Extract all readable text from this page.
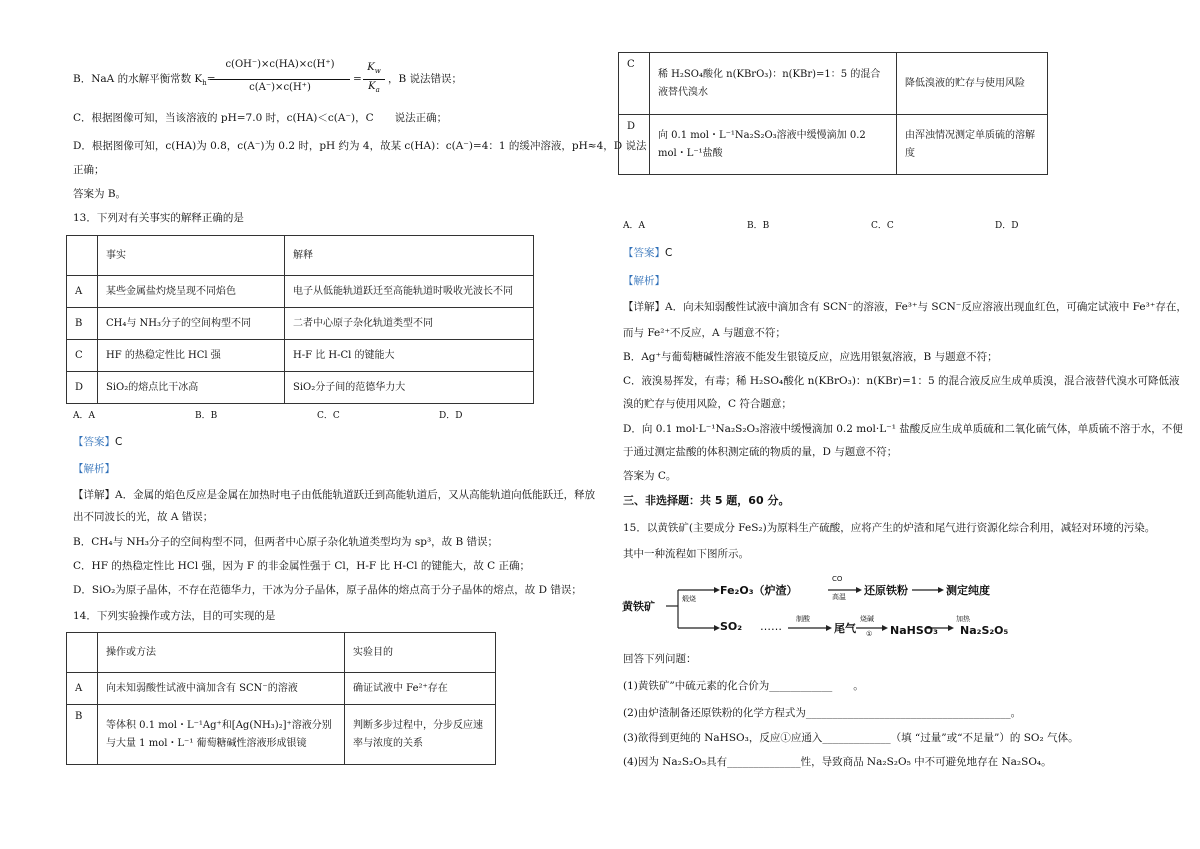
B．NaA 的水解平衡常数 $K_h=$
c(OH⁻)×c(HA)×c(H⁺)
c(A⁻)×c(H⁺)
=
$K_w$
$K_a$
，B 说法错误；
C．根据图像可知，当该溶液的 pH=7.0 时，c(HA)＜c(A⁻)，C　　说法正确；
D．根据图像可知，c(HA)为 0.8，c(A⁻)为 0.2 时，pH 约为 4，故某 c(HA)：c(A⁻)=4：1 的缓冲溶液，pH≈4，D 说法
正确；
答案为 B。
13．下列对有关事实的解释正确的是
	事实	解释
A	某些金属盐灼烧呈现不同焰色	电子从低能轨道跃迁至高能轨道时吸收光波长不同
B	CH₄与 NH₃分子的空间构型不同	二者中心原子杂化轨道类型不同
C	HF 的热稳定性比 HCl 强	H-F 比 H-Cl 的键能大
D	SiO₂的熔点比干冰高	SiO₂分子间的范德华力大
A．A	B．B	C．C	D．D
【答案】C
【解析】
【详解】A．金属的焰色反应是金属在加热时电子由低能轨道跃迁到高能轨道后，又从高能轨道向低能跃迁，释放
出不同波长的光，故 A 错误；
B．CH₄与 NH₃分子的空间构型不同，但两者中心原子杂化轨道类型均为 sp³，故 B 错误；
C．HF 的热稳定性比 HCl 强，因为 F 的非金属性强于 Cl，H-F 比 H-Cl 的键能大，故 C 正确；
D．SiO₂为原子晶体，不存在范德华力，干冰为分子晶体，原子晶体的熔点高于分子晶体的熔点，故 D 错误；
14．下列实验操作或方法，目的可实现的是
	操作或方法	实验目的
A	向未知弱酸性试液中滴加含有 SCN⁻的溶液	确证试液中 Fe²⁺存在
B	等体积 0.1 mol・L⁻¹Ag⁺和[Ag(NH₃)₂]⁺溶液分别与大量 1 mol・L⁻¹ 葡萄糖碱性溶液形成银镜	判断多步过程中，分步反应速率与浓度的关系
C	稀 H₂SO₄酸化 n(KBrO₃)：n(KBr)=1：5 的混合液替代溴水	降低溴液的贮存与使用风险
D	向 0.1 mol・L⁻¹Na₂S₂O₃溶液中缓慢滴加 0.2 mol・L⁻¹盐酸	由浑浊情况测定单质硫的溶解度
A．A	B．B	C．C	D．D
【答案】C
【解析】
【详解】A．向未知弱酸性试液中滴加含有 SCN⁻的溶液，Fe³⁺与 SCN⁻反应溶液出现血红色，可确定试液中 Fe³⁺存在，
而与 Fe²⁺不反应，A 与题意不符；
B．Ag⁺与葡萄糖碱性溶液不能发生银镜反应，应选用银氨溶液，B 与题意不符；
C．液溴易挥发，有毒；稀 H₂SO₄酸化 n(KBrO₃)：n(KBr)=1：5 的混合液反应生成单质溴，混合液替代溴水可降低液
溴的贮存与使用风险，C 符合题意；
D．向 0.1 mol·L⁻¹Na₂S₂O₃溶液中缓慢滴加 0.2 mol·L⁻¹ 盐酸反应生成单质硫和二氧化硫气体，单质硫不溶于水，不便
于通过测定盐酸的体积测定硫的物质的量，D 与题意不符；
答案为 C。
三、非选择题：共 5 题，60 分。
15．以黄铁矿(主要成分 FeS₂)为原料生产硫酸，应将产生的炉渣和尾气进行资源化综合利用，减轻对环境的污染。
其中一种流程如下图所示。
黄铁矿
煅烧
Fe₂O₃（炉渣）
CO
高温 还原铁粉	测定纯度
SO₂ ……
制酸
尾气
烧碱
① NaHSO₃
加热
Na₂S₂O₅
回答下列问题：
(1)黄铁矿”中硫元素的化合价为____________　　。
(2)由炉渣制备还原铁粉的化学方程式为_______________________________________。
(3)欲得到更纯的 NaHSO₃，反应①应通入_____________（填 “过量”或“不足量”）的 SO₂ 气体。
(4)因为 Na₂S₂O₅具有______________性，导致商品 Na₂S₂O₅ 中不可避免地存在 Na₂SO₄。
